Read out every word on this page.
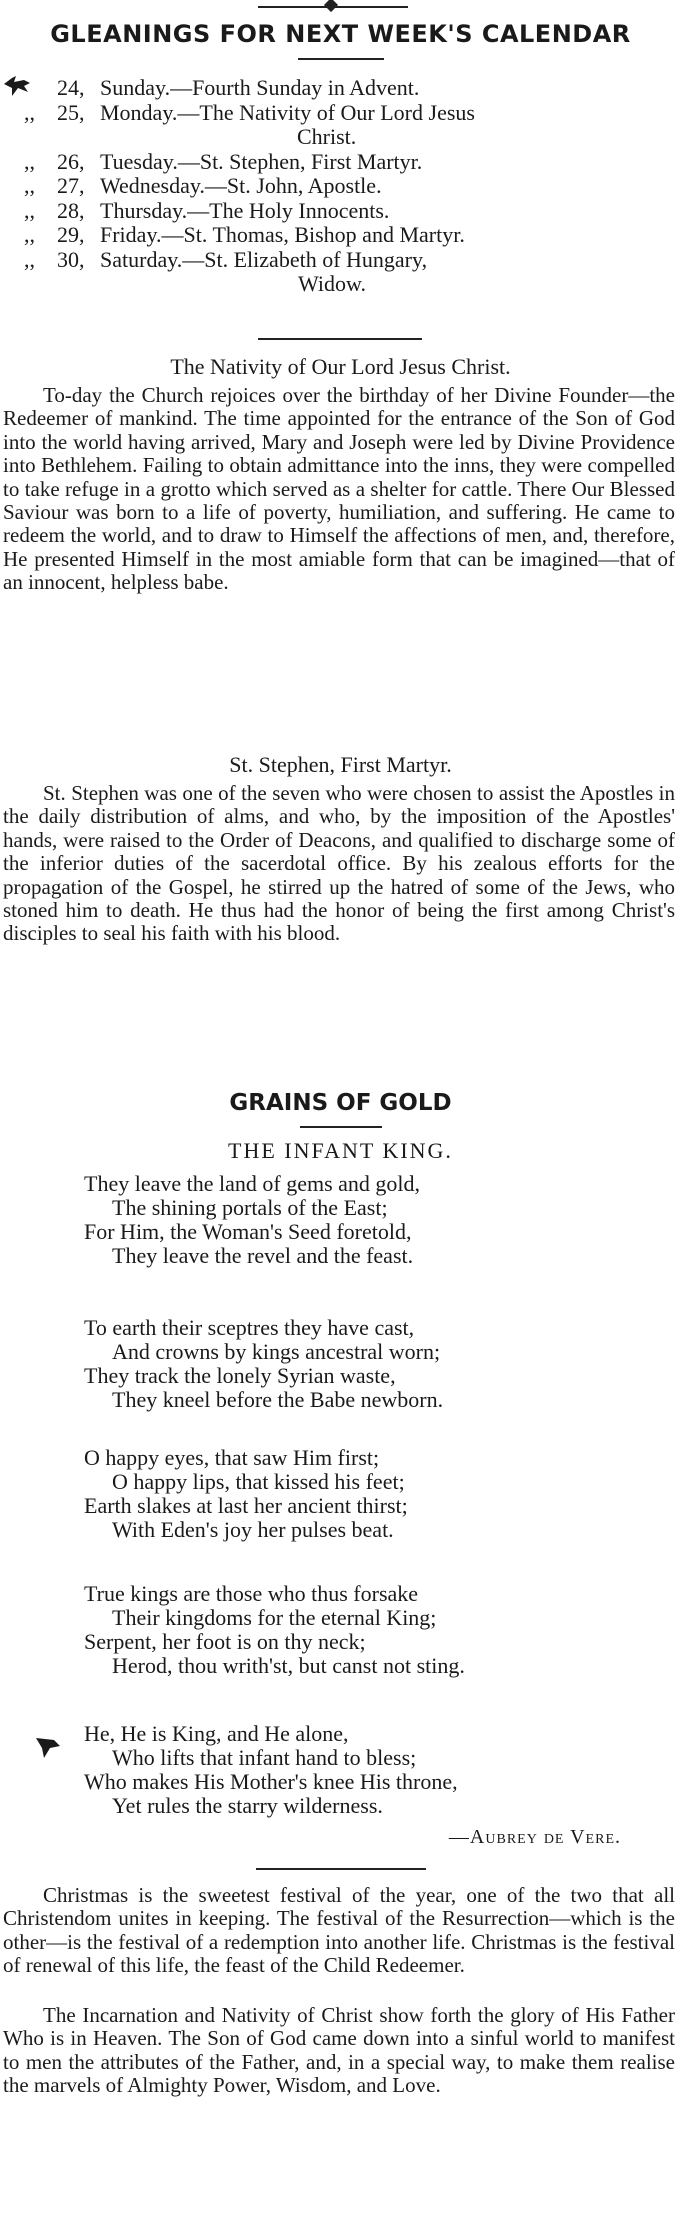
GLEANINGS FOR NEXT WEEK'S CALENDAR
24, Sunday.—Fourth Sunday in Advent.
,,	25, Monday.—The Nativity of Our Lord Jesus
Christ.
,,	26, Tuesday.—St. Stephen, First Martyr.
,,	27, Wednesday.—St. John, Apostle.
,,	28, Thursday.—The Holy Innocents.
,,	29, Friday.—St. Thomas, Bishop and Martyr.
,,	30, Saturday.—St. Elizabeth of Hungary,
Widow.

The Nativity of Our Lord Jesus Christ.

To-day the Church rejoices over the birthday of her Divine Founder—the Redeemer of mankind. The time appointed for the entrance of the Son of God into the world having arrived, Mary and Joseph were led by Divine Providence into Bethlehem. Failing to obtain admittance into the inns, they were compelled to take refuge in a grotto which served as a shelter for cattle. There Our Blessed Saviour was born to a life of poverty, humiliation, and suffering. He came to redeem the world, and to draw to Himself the affections of men, and, therefore, He presented Himself in the most amiable form that can be imagined—that of an innocent, helpless babe.

St. Stephen, First Martyr.

St. Stephen was one of the seven who were chosen to assist the Apostles in the daily distribution of alms, and who, by the imposition of the Apostles' hands, were raised to the Order of Deacons, and qualified to discharge some of the inferior duties of the sacerdotal office. By his zealous efforts for the propagation of the Gospel, he stirred up the hatred of some of the Jews, who stoned him to death. He thus had the honor of being the first among Christ's disciples to seal his faith with his blood.

GRAINS OF GOLD

THE INFANT KING.

They leave the land of gems and gold,
The shining portals of the East;
For Him, the Woman's Seed foretold,
They leave the revel and the feast.
To earth their sceptres they have cast,
And crowns by kings ancestral worn;
They track the lonely Syrian waste,
They kneel before the Babe newborn.
O happy eyes, that saw Him first;
O happy lips, that kissed his feet;
Earth slakes at last her ancient thirst;
With Eden's joy her pulses beat.
True kings are those who thus forsake
Their kingdoms for the eternal King;
Serpent, her foot is on thy neck;
Herod, thou writh'st, but canst not sting.
He, He is King, and He alone,
Who lifts that infant hand to bless;
Who makes His Mother's knee His throne,
Yet rules the starry wilderness.

—Aubrey de Vere.

Christmas is the sweetest festival of the year, one of the two that all Christendom unites in keeping. The festival of the Resurrection—which is the other—is the festival of a redemption into another life. Christmas is the festival of renewal of this life, the feast of the Child Redeemer.

The Incarnation and Nativity of Christ show forth the glory of His Father Who is in Heaven. The Son of God came down into a sinful world to manifest to men the attributes of the Father, and, in a special way, to make them realise the marvels of Almighty Power, Wisdom, and Love.
